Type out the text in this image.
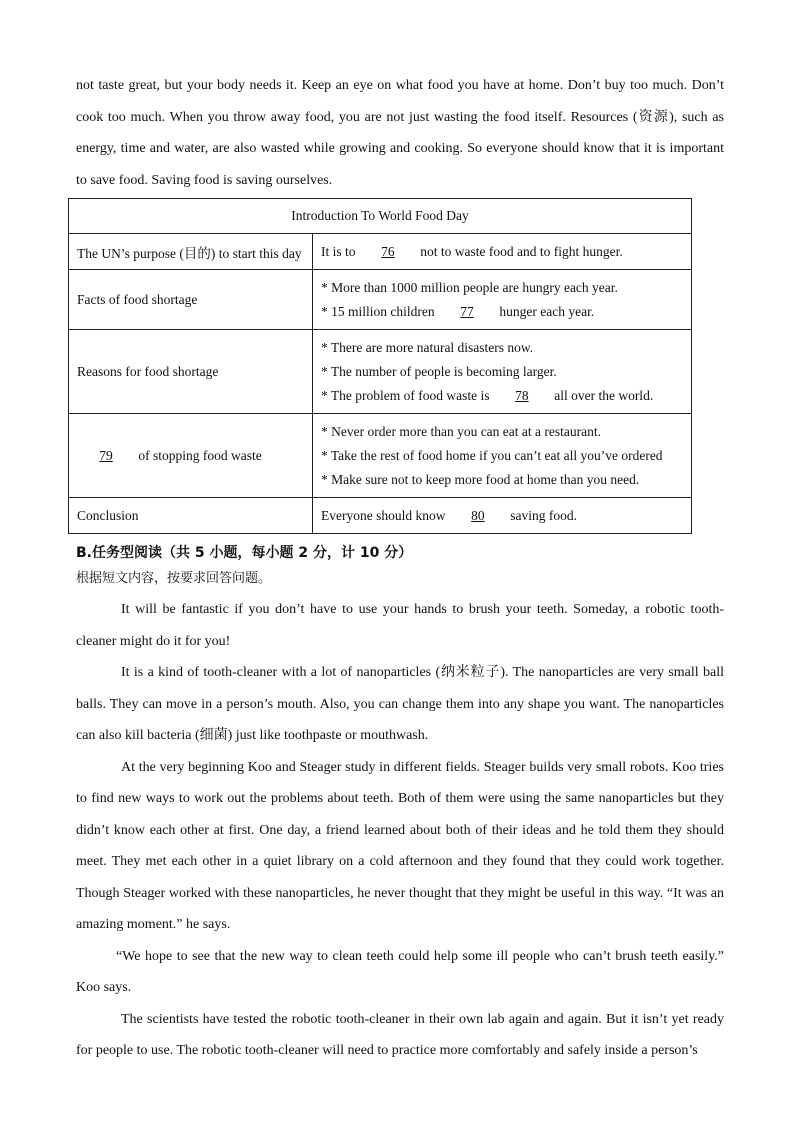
not taste great, but your body needs it. Keep an eye on what food you have at home. Don’t buy too much. Don’t cook too much. When you throw away food, you are not just wasting the food itself. Resources (资源), such as energy, time and water, are also wasted while growing and cooking. So everyone should know that it is important to save food. Saving food is saving ourselves.

Introduction To World Food Day	
The UN’s purpose (目的) to start this day	It is to 76 not to waste food and to fight hunger.
Facts of food shortage	* More than 1000 million people are hungry each year.
* 15 million children 77 hunger each year.

Reasons for food shortage	* There are more natural disasters now.
* The number of people is becoming larger.
* The problem of food waste is 78 all over the world.

79 of stopping food waste	* Never order more than you can eat at a restaurant.
* Take the rest of food home if you can’t eat all you’ve ordered
* Make sure not to keep more food at home than you need.

Conclusion	Everyone should know 80 saving food.
B.任务型阅读（共 5 小题，每小题 2 分，计 10 分）
根据短文内容，按要求回答问题。

It will be fantastic if you don’t have to use your hands to brush your teeth. Someday, a robotic tooth-cleaner might do it for you!

It is a kind of tooth-cleaner with a lot of nanoparticles (纳米粒子). The nanoparticles are very small ball balls. They can move in a person’s mouth. Also, you can change them into any shape you want. The nanoparticles can also kill bacteria (细菌) just like toothpaste or mouthwash.

At the very beginning Koo and Steager study in different fields. Steager builds very small robots. Koo tries to find new ways to work out the problems about teeth. Both of them were using the same nanoparticles but they didn’t know each other at first. One day, a friend learned about both of their ideas and he told them they should meet. They met each other in a quiet library on a cold afternoon and they found that they could work together. Though Steager worked with these nanoparticles, he never thought that they might be useful in this way. “It was an amazing moment.” he says.

“We hope to see that the new way to clean teeth could help some ill people who can’t brush teeth easily.” Koo says.

The scientists have tested the robotic tooth-cleaner in their own lab again and again. But it isn’t yet ready for people to use. The robotic tooth-cleaner will need to practice more comfortably and safely inside a person’s
